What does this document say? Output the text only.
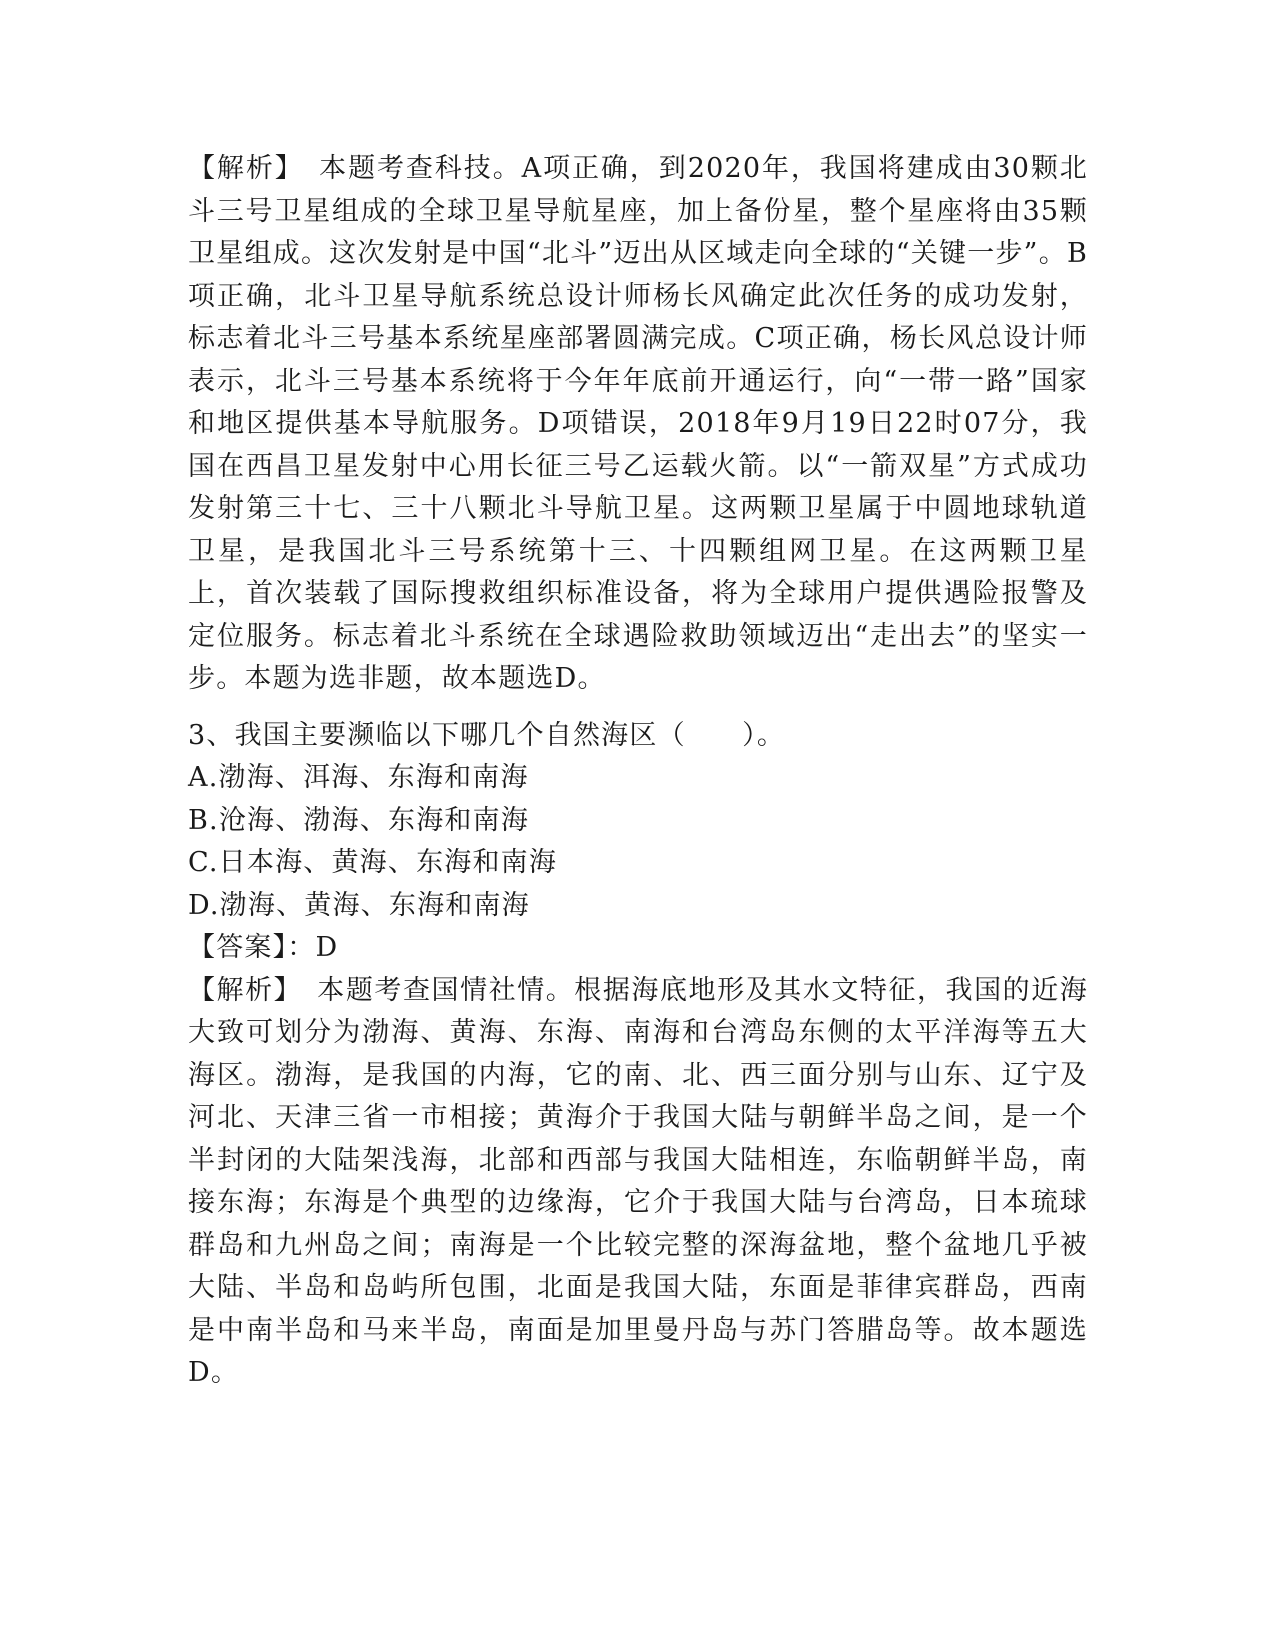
【解析】　本题考查科技。A项正确，到2020年，我国将建成由30颗北斗三号卫星组成的全球卫星导航星座，加上备份星，整个星座将由35颗卫星组成。这次发射是中国“北斗”迈出从区域走向全球的“关键一步”。B项正确，北斗卫星导航系统总设计师杨长风确定此次任务的成功发射，标志着北斗三号基本系统星座部署圆满完成。C项正确，杨长风总设计师表示，北斗三号基本系统将于今年年底前开通运行，向“一带一路”国家和地区提供基本导航服务。D项错误，2018年9月19日22时07分，我国在西昌卫星发射中心用长征三号乙运载火箭。以“一箭双星”方式成功发射第三十七、三十八颗北斗导航卫星。这两颗卫星属于中圆地球轨道卫星，是我国北斗三号系统第十三、十四颗组网卫星。在这两颗卫星上，首次装载了国际搜救组织标准设备，将为全球用户提供遇险报警及定位服务。标志着北斗系统在全球遇险救助领域迈出“走出去”的坚实一步。本题为选非题，故本题选D。

3、我国主要濒临以下哪几个自然海区（　　）。

A.渤海、洱海、东海和南海

B.沧海、渤海、东海和南海

C.日本海、黄海、东海和南海

D.渤海、黄海、东海和南海

【答案】：D

【解析】　本题考查国情社情。根据海底地形及其水文特征，我国的近海大致可划分为渤海、黄海、东海、南海和台湾岛东侧的太平洋海等五大海区。渤海，是我国的内海，它的南、北、西三面分别与山东、辽宁及河北、天津三省一市相接；黄海介于我国大陆与朝鲜半岛之间，是一个半封闭的大陆架浅海，北部和西部与我国大陆相连，东临朝鲜半岛，南接东海；东海是个典型的边缘海，它介于我国大陆与台湾岛，日本琉球群岛和九州岛之间；南海是一个比较完整的深海盆地，整个盆地几乎被大陆、半岛和岛屿所包围，北面是我国大陆，东面是菲律宾群岛，西南是中南半岛和马来半岛，南面是加里曼丹岛与苏门答腊岛等。故本题选D。
